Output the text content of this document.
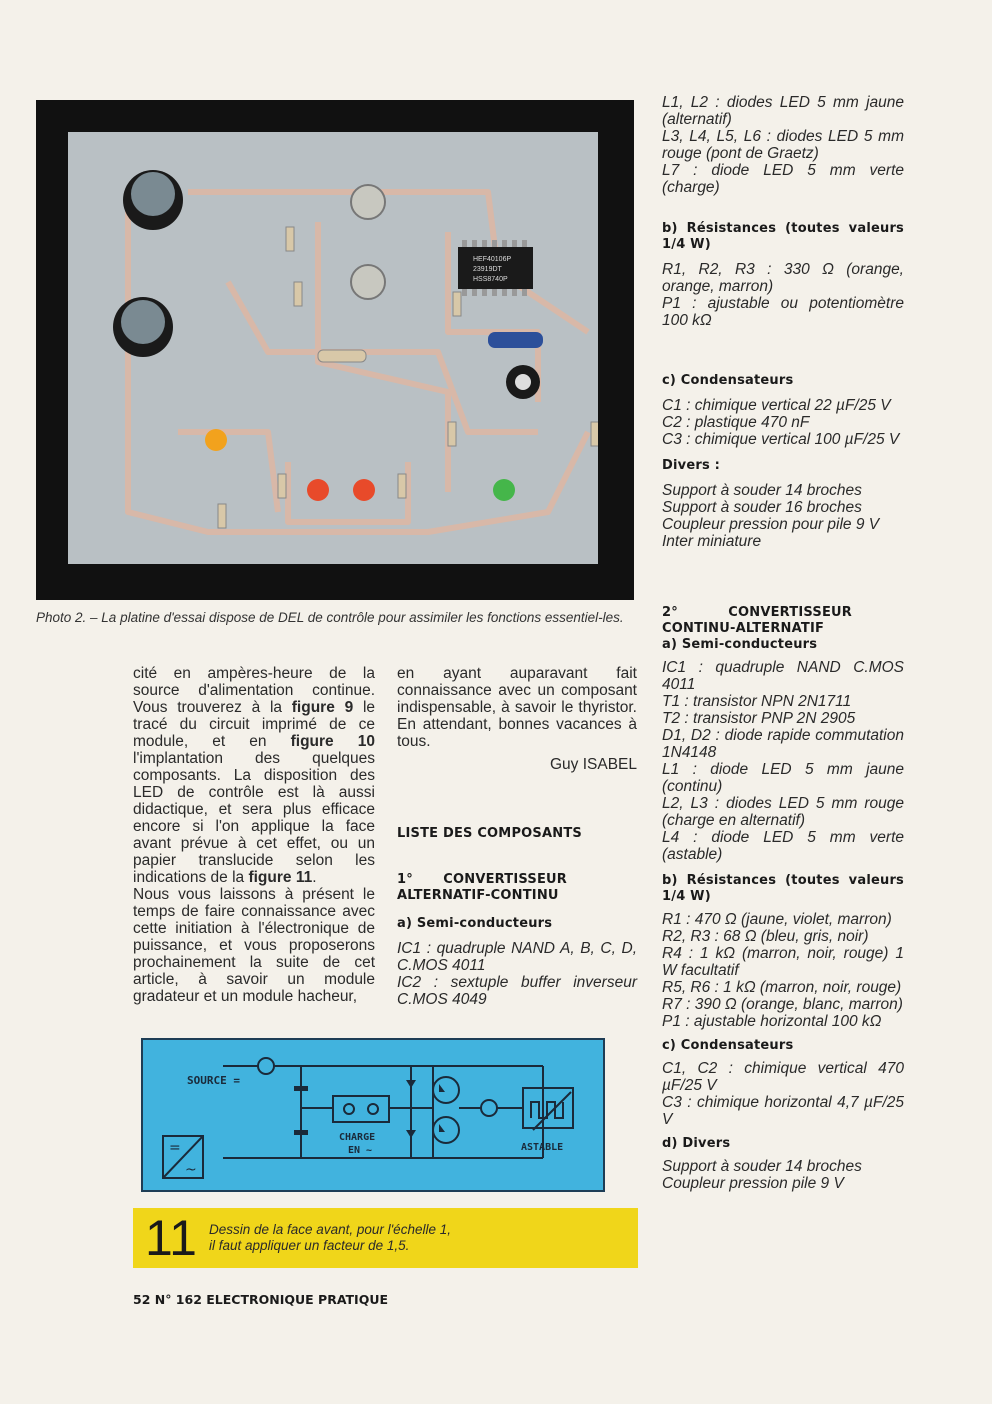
HEF40106P
23919DT
HSS8740P
Photo 2. – La platine d'essai dispose de DEL de contrôle pour assimiler les fonctions essentiel-les.

cité en ampères-heure de la source d'alimentation continue. Vous trouverez à la figure 9 le tracé du circuit imprimé de ce module, et en figure 10 l'implantation des quelques composants. La disposition des LED de contrôle est là aussi didactique, et sera plus efficace encore si l'on applique la face avant prévue à cet effet, ou un papier translucide selon les indications de la figure 11.

Nous vous laissons à présent le temps de faire connaissance avec cette initiation à l'électronique de puissance, et vous proposerons prochainement la suite de cet article, à savoir un module gradateur et un module hacheur,

en ayant auparavant fait connaissance avec un composant indispensable, à savoir le thyristor. En attendant, bonnes vacances à tous.

Guy ISABEL

LISTE DES COMPOSANTS
1° CONVERTISSEUR ALTERNATIF-CONTINU
a) Semi-conducteurs

IC1 : quadruple NAND A, B, C, D, C.MOS 4011

IC2 : sextuple buffer inverseur C.MOS 4049

L1, L2 : diodes LED 5 mm jaune (alternatif)

L3, L4, L5, L6 : diodes LED 5 mm rouge (pont de Graetz)

L7 : diode LED 5 mm verte (charge)

b) Résistances (toutes valeurs 1/4 W)

R1, R2, R3 : 330 Ω (orange, orange, marron)

P1 : ajustable ou potentiomètre 100 kΩ

c) Condensateurs

C1 : chimique vertical 22 µF/25 V

C2 : plastique 470 nF

C3 : chimique vertical 100 µF/25 V

Divers :

Support à souder 14 broches

Support à souder 16 broches

Coupleur pression pour pile 9 V

Inter miniature

2° CONVERTISSEUR CONTINU-ALTERNATIF
a) Semi-conducteurs

IC1 : quadruple NAND C.MOS 4011

T1 : transistor NPN 2N1711

T2 : transistor PNP 2N 2905

D1, D2 : diode rapide commutation 1N4148

L1 : diode LED 5 mm jaune (continu)

L2, L3 : diodes LED 5 mm rouge (charge en alternatif)

L4 : diode LED 5 mm verte (astable)

b) Résistances (toutes valeurs 1/4 W)

R1 : 470 Ω (jaune, violet, marron)

R2, R3 : 68 Ω (bleu, gris, noir)

R4 : 1 kΩ (marron, noir, rouge) 1 W facultatif

R5, R6 : 1 kΩ (marron, noir, rouge)

R7 : 390 Ω (orange, blanc, marron)

P1 : ajustable horizontal 100 kΩ

c) Condensateurs

C1, C2 : chimique vertical 470 µF/25 V

C3 : chimique horizontal 4,7 µF/25 V

d) Divers

Support à souder 14 broches

Coupleur pression pile 9 V

SOURCE =
CHARGE
EN ~	ASTABLE
=
~
11 Dessin de la face avant, pour l'échelle 1,
il faut appliquer un facteur de 1,5.
52 N° 162 ELECTRONIQUE PRATIQUE
